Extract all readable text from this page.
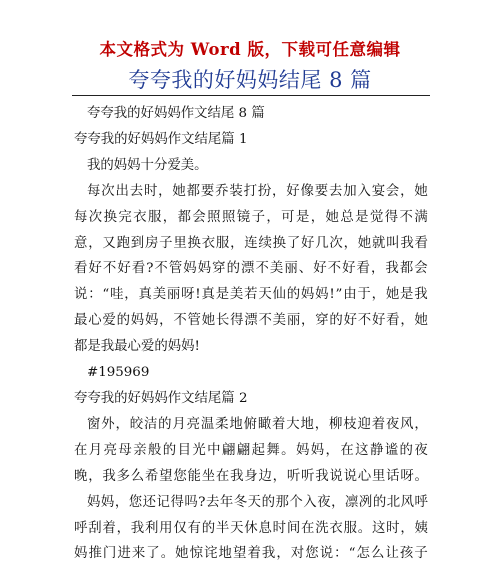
本文格式为 Word 版，下载可任意编辑
夸夸我的好妈妈结尾 8 篇
夸夸我的好妈妈作文结尾 8 篇
夸夸我的好妈妈作文结尾篇 1
我的妈妈十分爱美。
每 次 出 去 时 ， 她 都 要 乔 装 打 扮 ， 好 像 要 去 加 入 宴 会 ， 她
每 次 换 完 衣 服 ， 都 会 照 照 镜 子 ， 可 是 ， 她 总 是 觉 得 不 满
意 ， 又 跑 到 房 子 里 换 衣 服 ， 连 续 换 了 好 几 次 ， 她 就 叫 我 看
看 好 不 好 看 ? 不 管 妈 妈 穿 的 漂 不 美 丽 、 好 不 好 看 ， 我 都 会
说 ： “ 哇 ， 真 美 丽 呀 ! 真 是 美 若 天 仙 的 妈 妈 ! ” 由 于 ， 她 是 我
最 心 爱 的 妈 妈 ， 不 管 她 长 得 漂 不 美 丽 ， 穿 的 好 不 好 看 ， 她
都是我最心爱的妈妈!
#195969
夸夸我的好妈妈作文结尾篇 2
窗 外 ， 皎 洁 的 月 亮 温 柔 地 俯 瞰 着 大 地 ， 柳 枝 迎 着 夜 风 ，
在 月 亮 母 亲 般 的 目 光 中 翩 翩 起 舞 。 妈 妈 ， 在 这 静 谧 的 夜
晚 ， 我 多 么 希 望 您 能 坐 在 我 身 边 ， 听 听 我 说 说 心 里 话 呀 。
妈 妈 ， 您 还 记 得 吗 ? 去 年 冬 天 的 那 个 入 夜 ， 凛 冽 的 北 风 呼
呼 刮 着 ， 我 利 用 仅 有 的 半 天 休 息 时 间 在 洗 衣 服 。 这 时 ， 姨
妈 推 门 进 来 了 。 她 惊 诧 地 望 着 我 ， 对 您 说 ： “ 怎 么 让 孩 子
